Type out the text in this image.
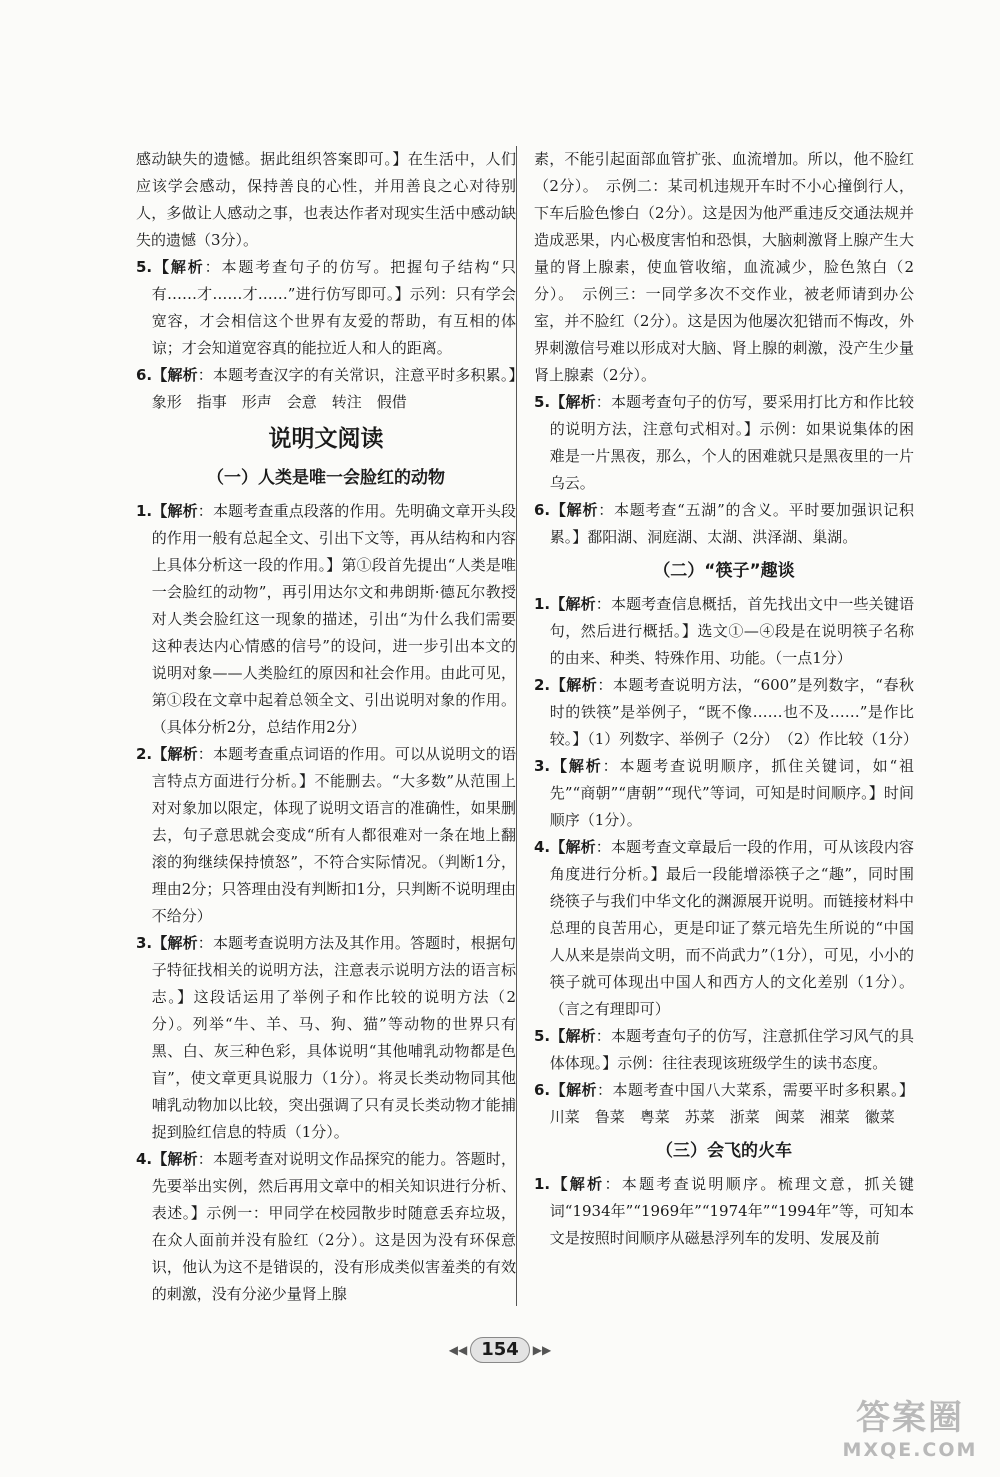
感动缺失的遗憾。据此组织答案即可。】在生活中，人们应该学会感动，保持善良的心性，并用善良之心对待别人，多做让人感动之事，也表达作者对现实生活中感动缺失的遗憾（3分）。

5.【解析：本题考查句子的仿写。把握句子结构“只有……才……才……”进行仿写即可。】示列：只有学会宽容，才会相信这个世界有友爱的帮助，有互相的体谅；才会知道宽容真的能拉近人和人的距离。

6.【解析：本题考查汉字的有关常识，注意平时多积累。】象形　指事　形声　会意　转注　假借

说明文阅读
（一）人类是唯一会脸红的动物

1.【解析：本题考查重点段落的作用。先明确文章开头段的作用一般有总起全文、引出下文等，再从结构和内容上具体分析这一段的作用。】第①段首先提出“人类是唯一会脸红的动物”，再引用达尔文和弗朗斯·德瓦尔教授对人类会脸红这一现象的描述，引出“为什么我们需要这种表达内心情感的信号”的设问，进一步引出本文的说明对象——人类脸红的原因和社会作用。由此可见，第①段在文章中起着总领全文、引出说明对象的作用。（具体分析2分，总结作用2分）

2.【解析：本题考查重点词语的作用。可以从说明文的语言特点方面进行分析。】不能删去。“大多数”从范围上对对象加以限定，体现了说明文语言的准确性，如果删去，句子意思就会变成“所有人都很难对一条在地上翻滚的狗继续保持愤怒”，不符合实际情况。（判断1分，理由2分；只答理由没有判断扣1分，只判断不说明理由不给分）

3.【解析：本题考查说明方法及其作用。答题时，根据句子特征找相关的说明方法，注意表示说明方法的语言标志。】这段话运用了举例子和作比较的说明方法（2分）。列举“牛、羊、马、狗、猫”等动物的世界只有黑、白、灰三种色彩，具体说明“其他哺乳动物都是色盲”，使文章更具说服力（1分）。将灵长类动物同其他哺乳动物加以比较，突出强调了只有灵长类动物才能捕捉到脸红信息的特质（1分）。

4.【解析：本题考查对说明文作品探究的能力。答题时，先要举出实例，然后再用文章中的相关知识进行分析、表述。】示例一：甲同学在校园散步时随意丢弃垃圾，在众人面前并没有脸红（2分）。这是因为没有环保意识，他认为这不是错误的，没有形成类似害羞类的有效的刺激，没有分泌少量肾上腺

素，不能引起面部血管扩张、血流增加。所以，他不脸红（2分）。　示例二：某司机违规开车时不小心撞倒行人，下车后脸色惨白（2分）。这是因为他严重违反交通法规并造成恶果，内心极度害怕和恐惧，大脑刺激肾上腺产生大量的肾上腺素，使血管收缩，血流减少，脸色煞白（2分）。　示例三：一同学多次不交作业，被老师请到办公室，并不脸红（2分）。这是因为他屡次犯错而不悔改，外界刺激信号难以形成对大脑、肾上腺的刺激，没产生少量肾上腺素（2分）。

5.【解析：本题考查句子的仿写，要采用打比方和作比较的说明方法，注意句式相对。】示例：如果说集体的困难是一片黑夜，那么，个人的困难就只是黑夜里的一片乌云。

6.【解析：本题考查“五湖”的含义。平时要加强识记积累。】鄱阳湖、洞庭湖、太湖、洪泽湖、巢湖。

（二）“筷子”趣谈

1.【解析：本题考查信息概括，首先找出文中一些关键语句，然后进行概括。】选文①—④段是在说明筷子名称的由来、种类、特殊作用、功能。（一点1分）

2.【解析：本题考查说明方法，“600”是列数字，“春秋时的铁筷”是举例子，“既不像……也不及……”是作比较。】（1）列数字、举例子（2分）　（2）作比较（1分）

3.【解析：本题考查说明顺序，抓住关键词，如“祖先”“商朝”“唐朝”“现代”等词，可知是时间顺序。】时间顺序（1分）。

4.【解析：本题考查文章最后一段的作用，可从该段内容角度进行分析。】最后一段能增添筷子之“趣”，同时围绕筷子与我们中华文化的渊源展开说明。而链接材料中总理的良苦用心，更是印证了蔡元培先生所说的“中国人从来是崇尚文明，而不尚武力”（1分），可见，小小的筷子就可体现出中国人和西方人的文化差别（1分）。（言之有理即可）

5.【解析：本题考查句子的仿写，注意抓住学习风气的具体体现。】示例：往往表现该班级学生的读书态度。

6.【解析：本题考查中国八大菜系，需要平时多积累。】川菜　鲁菜　粤菜　苏菜　浙菜　闽菜　湘菜　徽菜

（三）会飞的火车

1.【解析：本题考查说明顺序。梳理文意，抓关键词“1934年”“1969年”“1974年”“1994年”等，可知本文是按照时间顺序从磁悬浮列车的发明、发展及前

◀◀ 154	▶▶
答案圈
MXQE.COM
